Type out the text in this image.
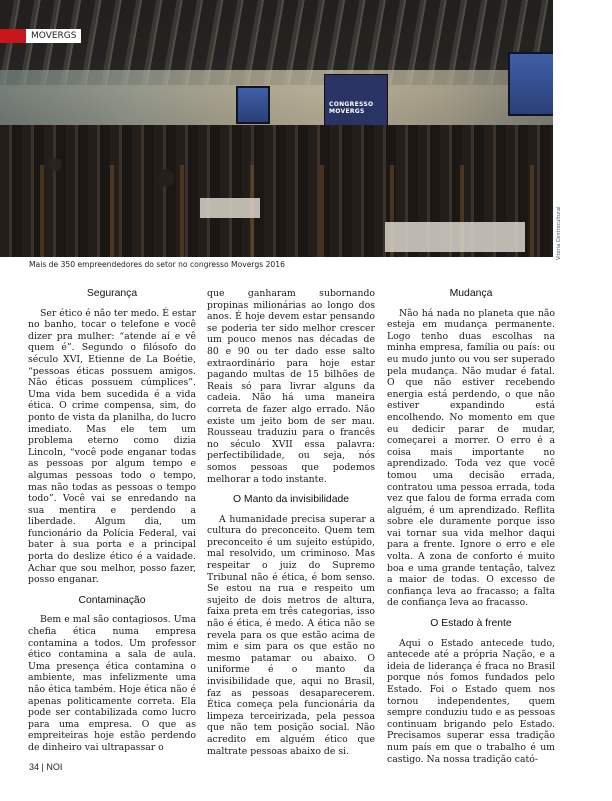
CONGRESSO MOVERGS
MOVERGS
Vitória Centrocultural
Mais de 350 empreendedores do setor no congresso Movergs 2016
Segurança

Ser ético é não ter medo. É estar no banho, tocar o telefone e você dizer pra mulher: “atende aí e vê quem é”. Segundo o filósofo do século XVI, Etienne de La Boétie, “pessoas éticas possuem amigos. Não éticas possuem cúmplices”. Uma vida bem sucedida é a vida ética. O crime compensa, sim, do ponto de vista da planilha, do lucro imediato. Mas ele tem um problema eterno como dizia Lincoln, “você pode enganar todas as pessoas por algum tempo e algumas pessoas todo o tempo, mas não todas as pessoas o tempo todo”. Você vai se enredando na sua mentira e perdendo a liberdade. Algum dia, um funcionário da Polícia Federal, vai bater à sua porta e a principal porta do deslize ético é a vaidade. Achar que sou melhor, posso fazer, posso enganar.

Contaminação

Bem e mal são contagiosos. Uma chefia ética numa empresa contamina a todos. Um professor ético contamina a sala de aula. Uma presença ética contamina o ambiente, mas infelizmente uma não ética também. Hoje ética não é apenas politicamente correta. Ela pode ser contabilizada como lucro para uma empresa. O que as empreiteiras hoje estão perdendo de dinheiro vai ultrapassar o

que ganharam subornando propinas milionárias ao longo dos anos. É hoje devem estar pensando se poderia ter sido melhor crescer um pouco menos nas décadas de 80 e 90 ou ter dado esse salto extraordinário para hoje estar pagando multas de 15 bilhões de Reais só para livrar alguns da cadeia. Não há uma maneira correta de fazer algo errado. Não existe um jeito bom de ser mau. Rousseau traduziu para o francês no século XVII essa palavra: perfectibilidade, ou seja, nós somos pessoas que podemos melhorar a todo instante.

O Manto da invisibilidade

A humanidade precisa superar a cultura do preconceito. Quem tem preconceito é um sujeito estúpido, mal resolvido, um criminoso. Mas respeitar o juiz do Supremo Tribunal não é ética, é bom senso. Se estou na rua e respeito um sujeito de dois metros de altura, faixa preta em três categorias, isso não é ética, é medo. A ética não se revela para os que estão acima de mim e sim para os que estão no mesmo patamar ou abaixo. O uniforme é o manto da invisibilidade que, aqui no Brasil, faz as pessoas desaparecerem. Ética começa pela funcionária da limpeza terceirizada, pela pessoa que não tem posição social. Não acredito em alguém ético que maltrate pessoas abaixo de si.

Mudança

Não há nada no planeta que não esteja em mudança permanente. Logo tenho duas escolhas na minha empresa, família ou país: ou eu mudo junto ou vou ser superado pela mudança. Não mudar é fatal. O que não estiver recebendo energia está perdendo, o que não estiver expandindo está encolhendo. No momento em que eu dedicir parar de mudar, começarei a morrer. O erro é a coisa mais importante no aprendizado. Toda vez que você tomou uma decisão errada, contratou uma pessoa errada, toda vez que falou de forma errada com alguém, é um aprendizado. Reflita sobre ele duramente porque isso vai tornar sua vida melhor daqui para a frente. Ignore o erro e ele volta. A zona de conforto é muito boa e uma grande tentação, talvez a maior de todas. O excesso de confiança leva ao fracasso; a falta de confiança leva ao fracasso.

O Estado à frente

Aqui o Estado antecede tudo, antecede até a própria Nação, e a ideia de liderança é fraca no Brasil porque nós fomos fundados pelo Estado. Foi o Estado quem nos tornou independentes, quem sempre conduziu tudo e as pessoas continuam brigando pelo Estado. Precisamos superar essa tradição num país em que o trabalho é um castigo. Na nossa tradição cató-

34 | NOI
